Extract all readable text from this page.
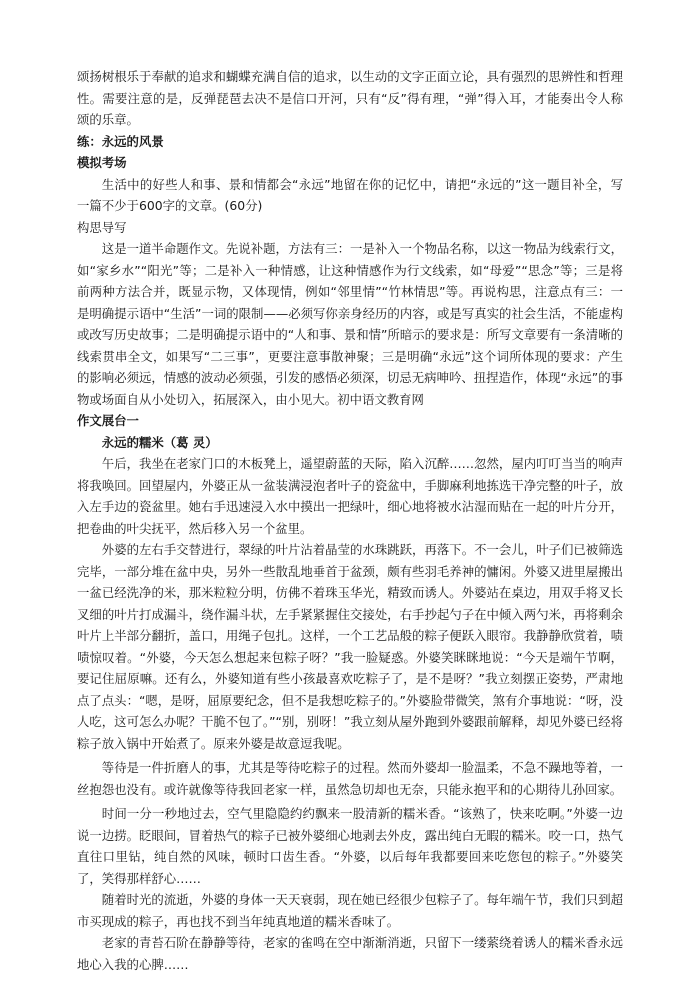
颂扬树根乐于奉献的追求和蝴蝶充满自信的追求，以生动的文字正面立论，具有强烈的思辨性和哲理性。需要注意的是，反弹琵琶去决不是信口开河，只有“反”得有理，“弹”得入耳，才能奏出令人称颂的乐章。

练：永远的风景

模拟考场

生活中的好些人和事、景和情都会“永远”地留在你的记忆中，请把“永远的”这一题目补全，写一篇不少于600字的文章。(60分)

构思导写

这是一道半命题作文。先说补题，方法有三：一是补入一个物品名称，以这一物品为线索行文，如“家乡水”“阳光”等；二是补入一种情感，让这种情感作为行文线索，如“母爱”“思念”等；三是将前两种方法合并，既显示物，又体现情，例如“邻里情”“竹林情思”等。再说构思，注意点有三：一是明确提示语中“生活”一词的限制——必须写你亲身经历的内容，或是写真实的社会生活，不能虚构或改写历史故事；二是明确提示语中的“人和事、景和情”所暗示的要求是：所写文章要有一条清晰的线索贯串全文，如果写“二三事”，更要注意事散神聚；三是明确“永远”这个词所体现的要求：产生的影响必须远，情感的波动必须强，引发的感悟必须深，切忌无病呻吟、扭捏造作，体现“永远”的事物或场面自从小处切入，拓展深入，由小见大。初中语文教育网

作文展台一

永远的糯米（葛 灵）

午后，我坐在老家门口的木板凳上，遥望蔚蓝的天际，陷入沉醉……忽然，屋内叮叮当当的响声将我唤回。回望屋内，外婆正从一盆装满浸泡者叶子的瓷盆中，手脚麻利地拣选干净完整的叶子，放入左手边的瓷盆里。她右手迅速浸入水中摸出一把绿叶，细心地将被水沾湿而贴在一起的叶片分开，把卷曲的叶尖抚平，然后移入另一个盆里。

外婆的左右手交替进行，翠绿的叶片沾着晶莹的水珠跳跃，再落下。不一会儿，叶子们已被筛选完毕，一部分堆在盆中央，另外一些散乱地垂首于盆颈，颇有些羽毛养神的慵闲。外婆又进里屋搬出一盆已经洗净的米，那米粒粒分明，仿佛不着珠玉华光，精致而诱人。外婆站在桌边，用双手将叉长叉细的叶片打成漏斗，绕作漏斗状，左手紧紧握住交接处，右手抄起勺子在中倾入两勺米，再将剩余叶片上半部分翻折，盖口，用绳子包扎。这样，一个工艺品般的粽子便跃入眼帘。我静静欣赏着，啧啧惊叹着。“外婆，今天怎么想起来包粽子呀？”我一脸疑惑。外婆笑眯眯地说：“今天是端午节啊，要记住屈原嘛。还有么，外婆知道有些小孩最喜欢吃粽子了，是不是呀？”我立刻摆正姿势，严肃地点了点头：“嗯，是呀，屈原要纪念，但不是我想吃粽子的。”外婆脸带微笑，煞有介事地说：“呀，没人吃，这可怎么办呢？干脆不包了。”“别，别呀！”我立刻从屋外跑到外婆跟前解释，却见外婆已经将粽子放入锅中开始煮了。原来外婆是故意逗我呢。

等待是一件折磨人的事，尤其是等待吃粽子的过程。然而外婆却一脸温柔，不急不躁地等着，一丝抱怨也没有。或许就像等待我回老家一样，虽然急切却也无奈，只能永抱平和的心期待儿孙回家。

时间一分一秒地过去，空气里隐隐约约飘来一股清新的糯米香。“该熟了，快来吃啊。”外婆一边说一边捞。眨眼间，冒着热气的粽子已被外婆细心地剥去外皮，露出纯白无暇的糯米。咬一口，热气直往口里钻，纯自然的风味，顿时口齿生香。“外婆，以后每年我都要回来吃您包的粽子。”外婆笑了，笑得那样舒心……

随着时光的流逝，外婆的身体一天天衰弱，现在她已经很少包粽子了。每年端午节，我们只到超市买现成的粽子，再也找不到当年纯真地道的糯米香味了。

老家的青苔石阶在静静等待，老家的雀鸣在空中渐渐消逝，只留下一缕萦绕着诱人的糯米香永远地心入我的心脾……
